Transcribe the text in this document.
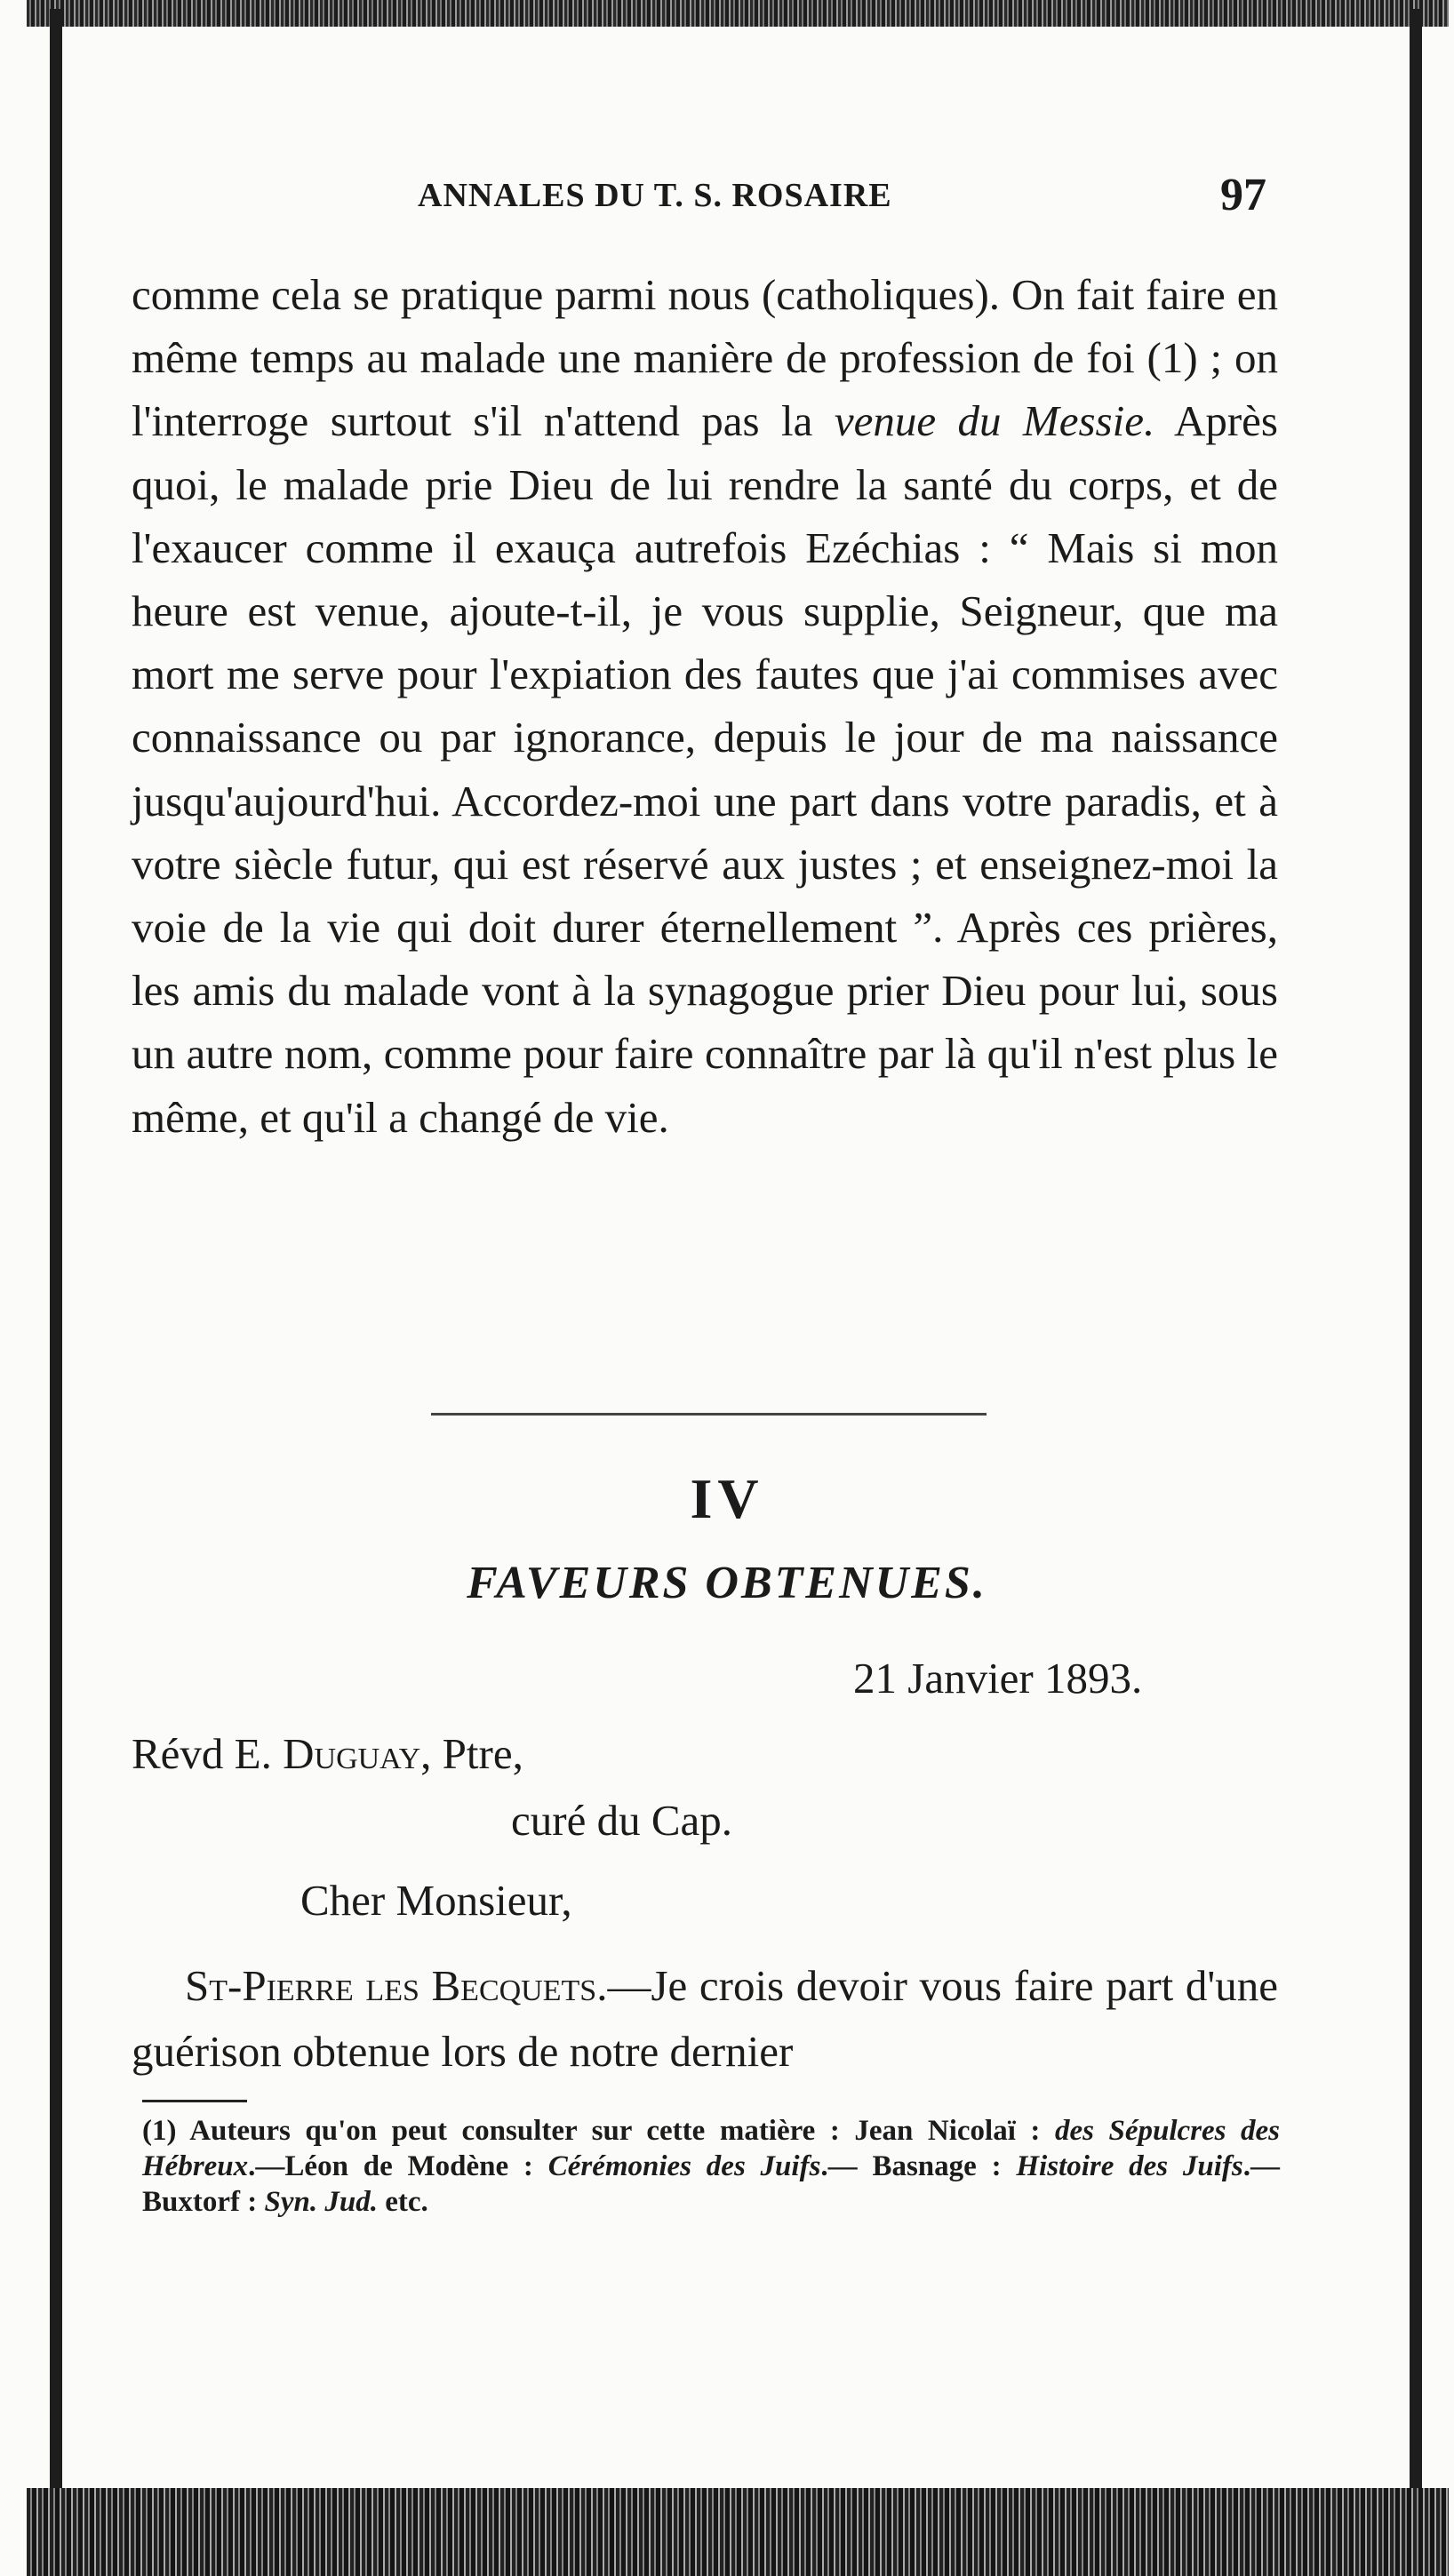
ANNALES DU T. S. ROSAIRE	97
comme cela se pratique parmi nous (catholiques). On fait faire en même temps au malade une manière de profession de foi (1) ; on l'interroge surtout s'il n'attend pas la venue du Messie. Après quoi, le malade prie Dieu de lui rendre la santé du corps, et de l'exaucer comme il exauça autrefois Ezéchias : “ Mais si mon heure est venue, ajoute-t-il, je vous supplie, Seigneur, que ma mort me serve pour l'expiation des fautes que j'ai commises avec connaissance ou par ignorance, depuis le jour de ma naissance jusqu'aujourd'hui. Accordez-moi une part dans votre paradis, et à votre siècle futur, qui est réservé aux justes ; et enseignez-moi la voie de la vie qui doit durer éternellement ”. Après ces prières, les amis du malade vont à la synagogue prier Dieu pour lui, sous un autre nom, comme pour faire connaître par là qu'il n'est plus le même, et qu'il a changé de vie.
IV
FAVEURS OBTENUES.
21 Janvier 1893.
Révd E. Duguay, Ptre,
curé du Cap.
Cher Monsieur,
St-Pierre les Becquets.—Je crois devoir vous faire part d'une guérison obtenue lors de notre dernier
(1) Auteurs qu'on peut consulter sur cette matière : Jean Nicolaï : des Sépulcres des Hébreux.—Léon de Modène : Cérémonies des Juifs.— Basnage : Histoire des Juifs.—Buxtorf : Syn. Jud. etc.
